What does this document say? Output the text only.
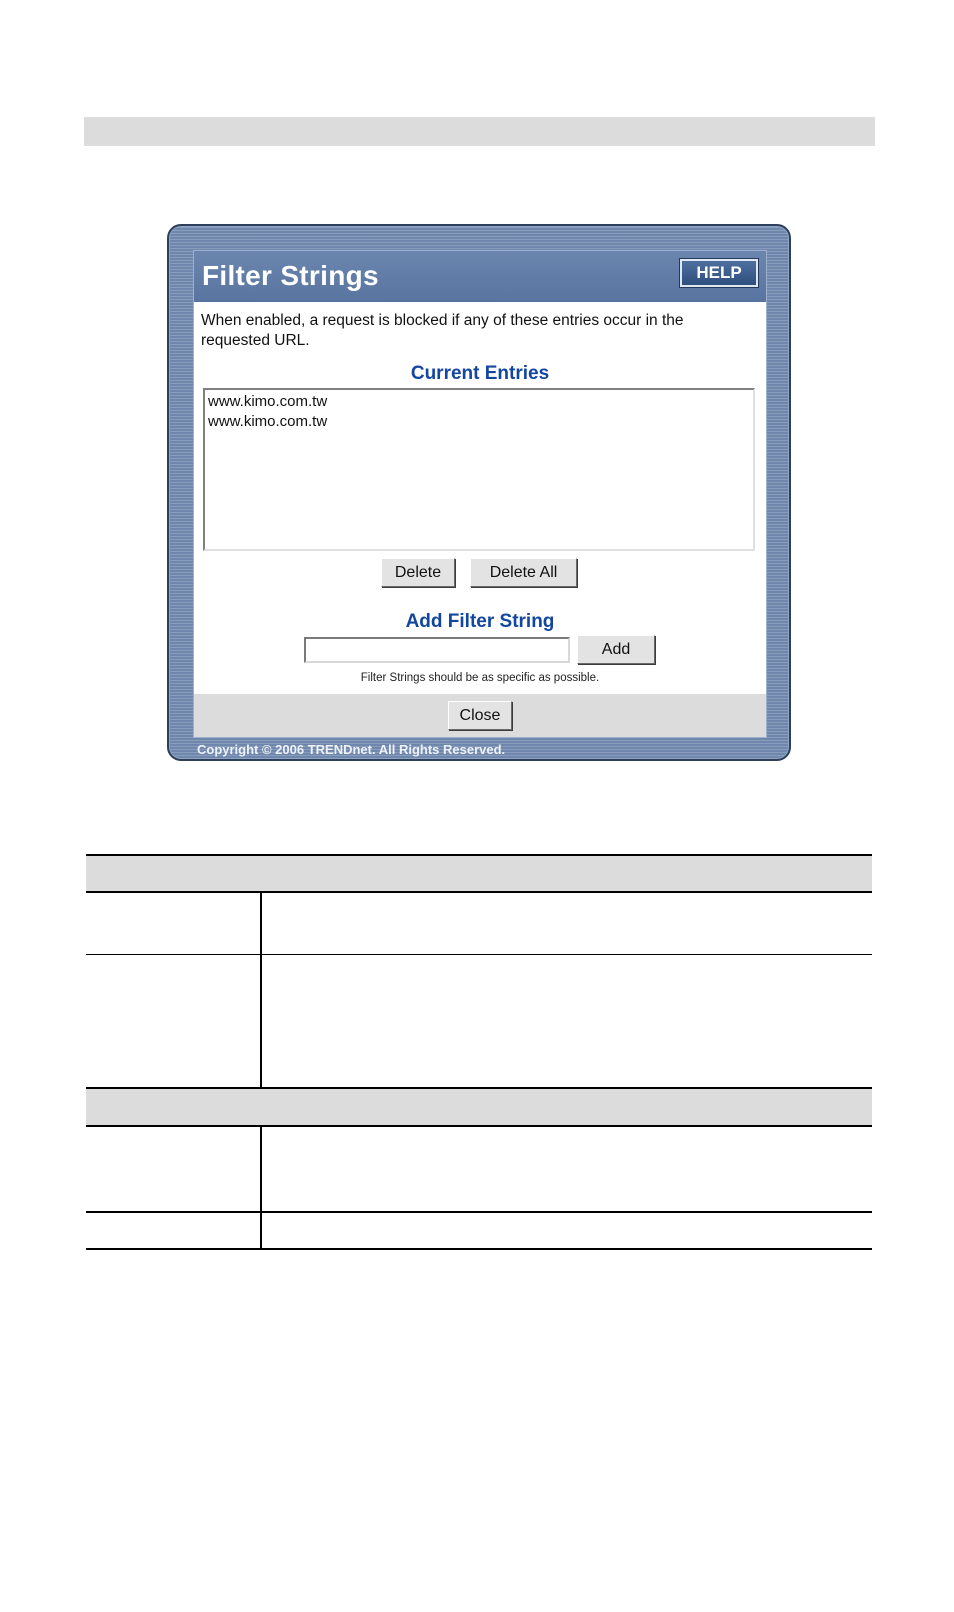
Filter Strings	HELP
When enabled, a request is blocked if any of these entries occur in the requested URL.
Current Entries
www.kimo.com.tw
www.kimo.com.tw
Delete	Delete All
Add Filter String
Add
Filter Strings should be as specific as possible.
Close
Copyright © 2006 TRENDnet. All Rights Reserved.
